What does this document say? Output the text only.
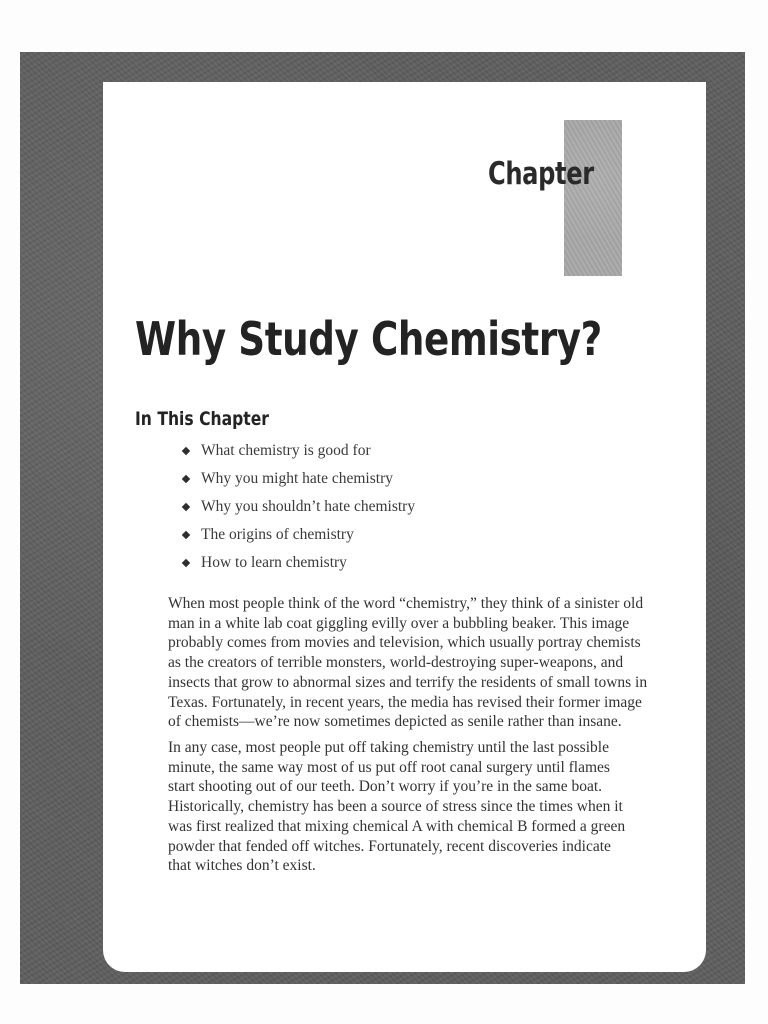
Chapter
Why Study Chemistry?
In This Chapter
What chemistry is good for
Why you might hate chemistry
Why you shouldn’t hate chemistry
The origins of chemistry
How to learn chemistry

When most people think of the word “chemistry,” they think of a sinister old
man in a white lab coat giggling evilly over a bubbling beaker. This image
probably comes from movies and television, which usually portray chemists
as the creators of terrible monsters, world-destroying super-weapons, and
insects that grow to abnormal sizes and terrify the residents of small towns in
Texas. Fortunately, in recent years, the media has revised their former image
of chemists—we’re now sometimes depicted as senile rather than insane.

In any case, most people put off taking chemistry until the last possible
minute, the same way most of us put off root canal surgery until flames
start shooting out of our teeth. Don’t worry if you’re in the same boat.
Historically, chemistry has been a source of stress since the times when it
was first realized that mixing chemical A with chemical B formed a green
powder that fended off witches. Fortunately, recent discoveries indicate
that witches don’t exist.
